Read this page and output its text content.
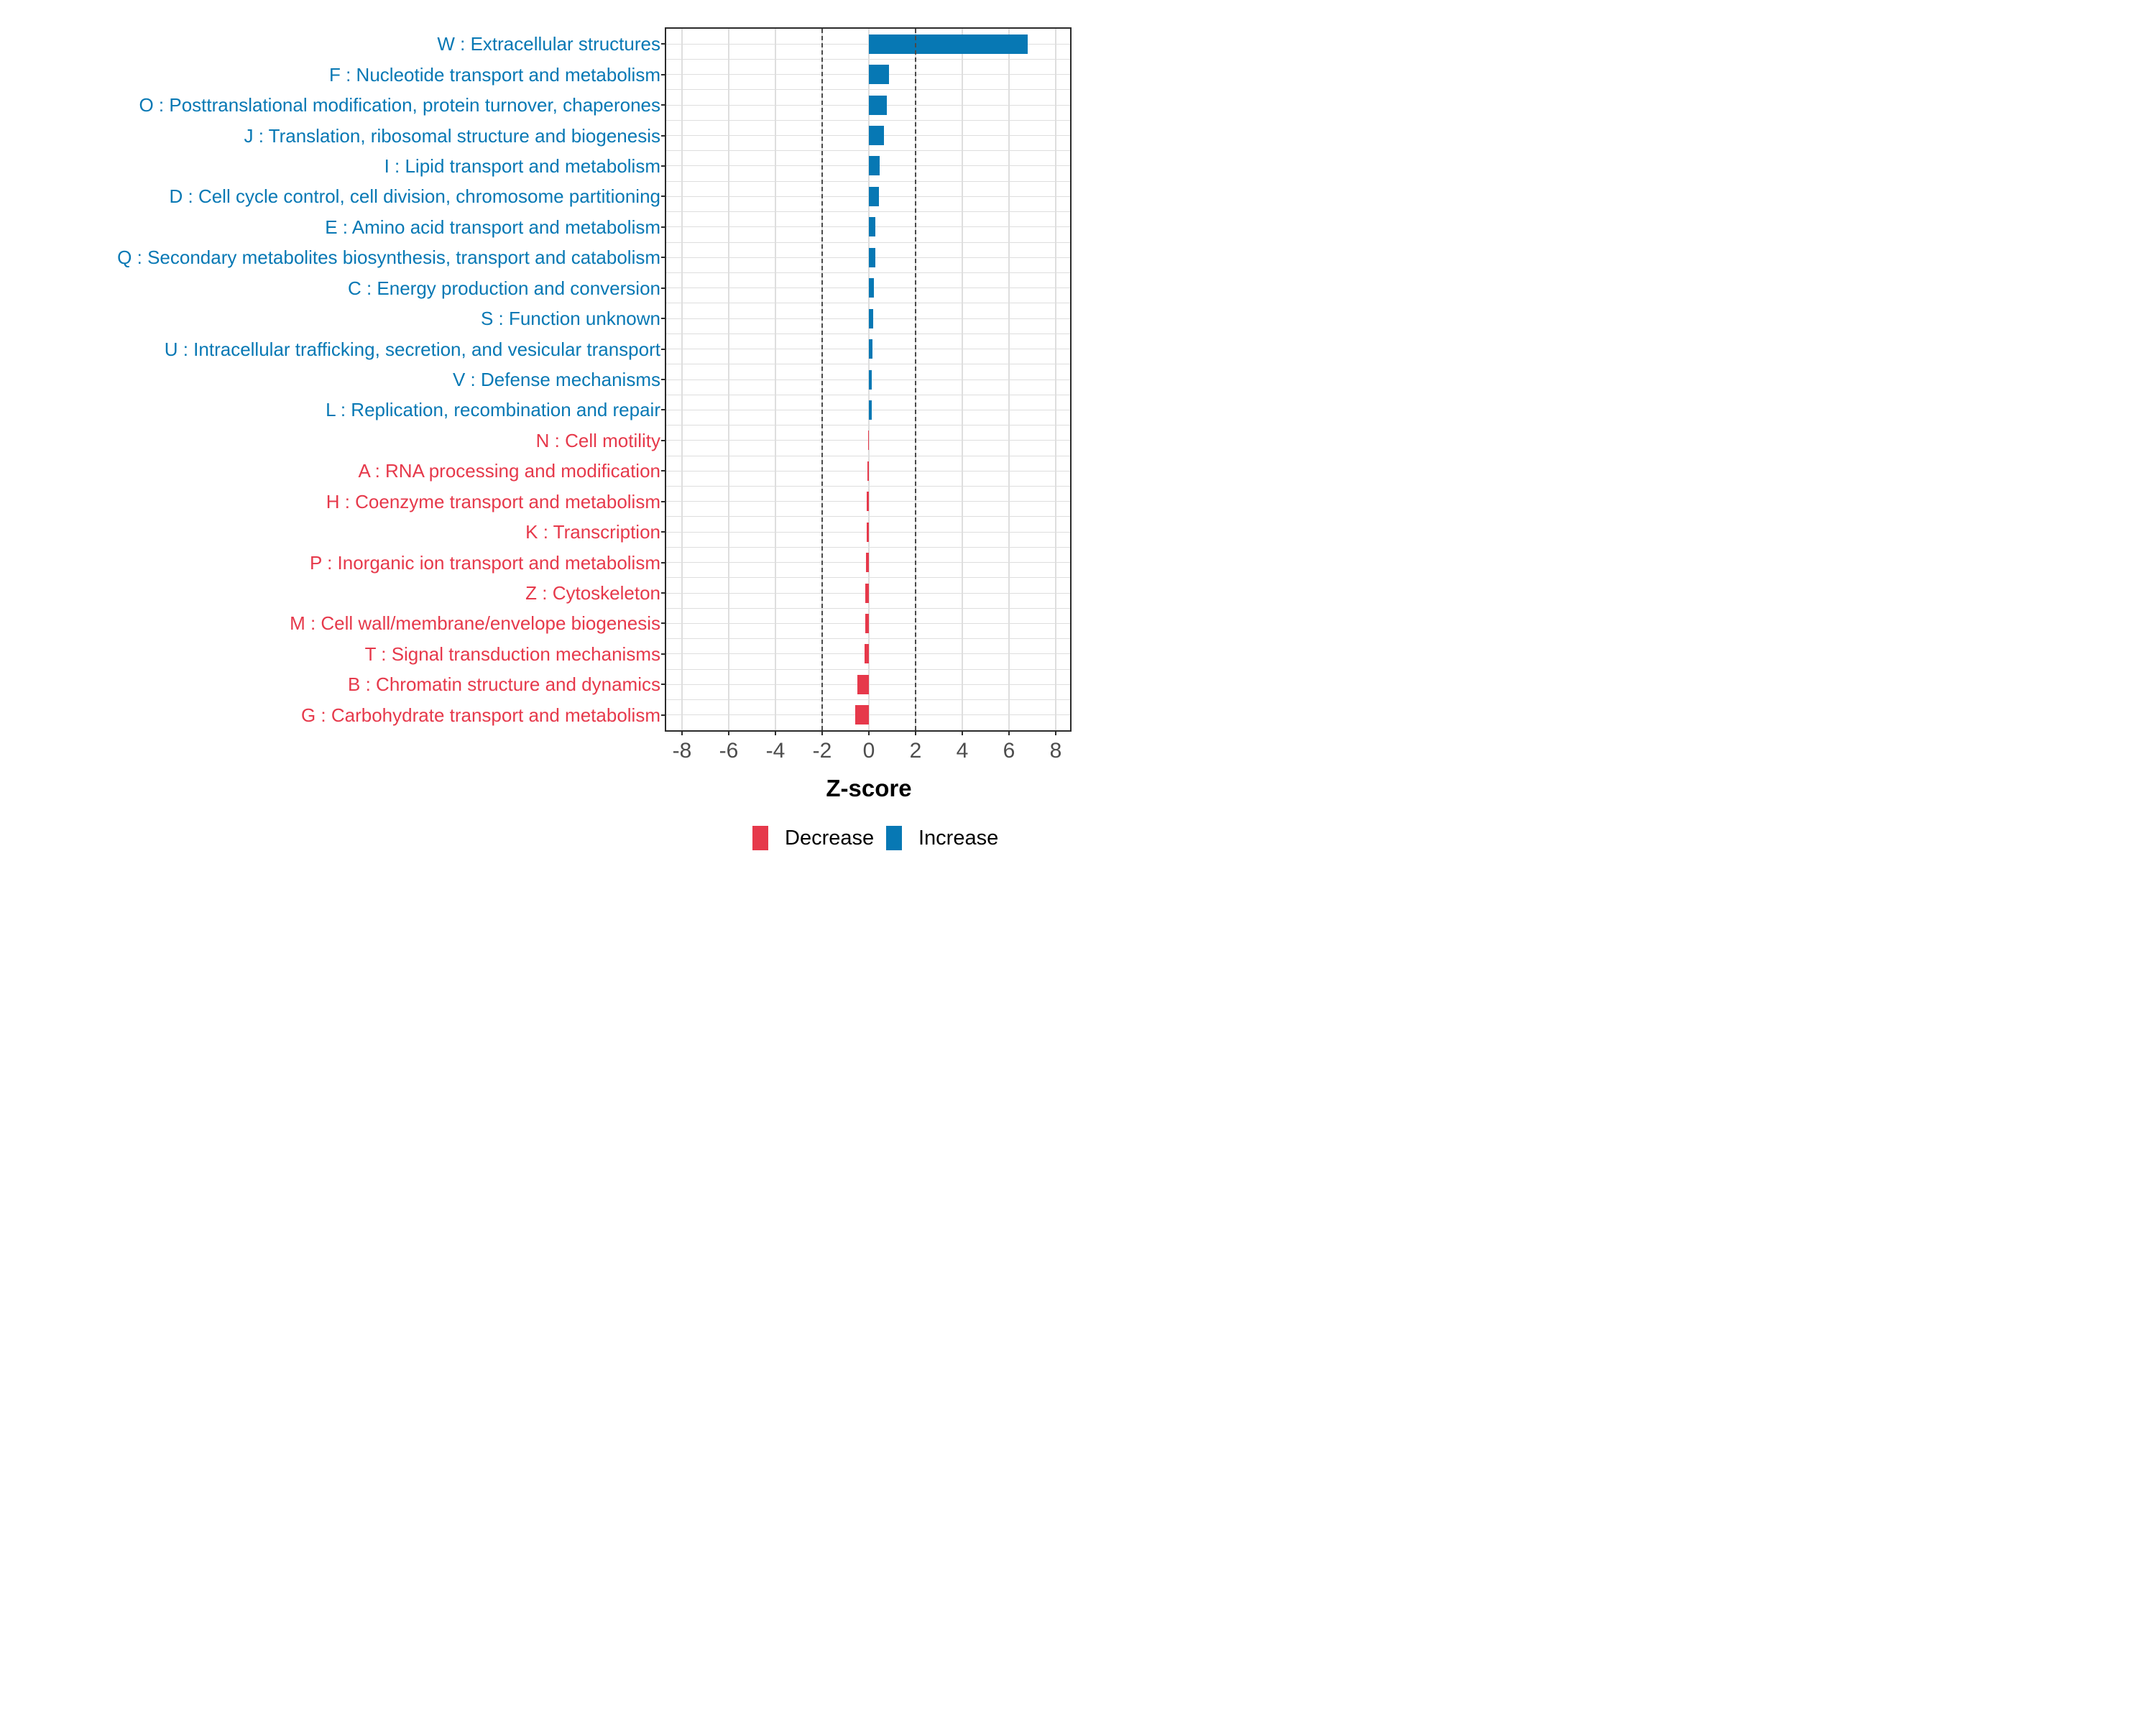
Z-score
Decrease Increase
-8	-6	-4	-2	0	2	4	6	8
W : Extracellular structures
F : Nucleotide transport and metabolism
O : Posttranslational modification, protein turnover, chaperones
J : Translation, ribosomal structure and biogenesis
I : Lipid transport and metabolism
D : Cell cycle control, cell division, chromosome partitioning
E : Amino acid transport and metabolism
Q : Secondary metabolites biosynthesis, transport and catabolism
C : Energy production and conversion
S : Function unknown
U : Intracellular trafficking, secretion, and vesicular transport
V : Defense mechanisms
L : Replication, recombination and repair
N : Cell motility
A : RNA processing and modification
H : Coenzyme transport and metabolism
K : Transcription
P : Inorganic ion transport and metabolism
Z : Cytoskeleton
M : Cell wall/membrane/envelope biogenesis
T : Signal transduction mechanisms
B : Chromatin structure and dynamics
G : Carbohydrate transport and metabolism
